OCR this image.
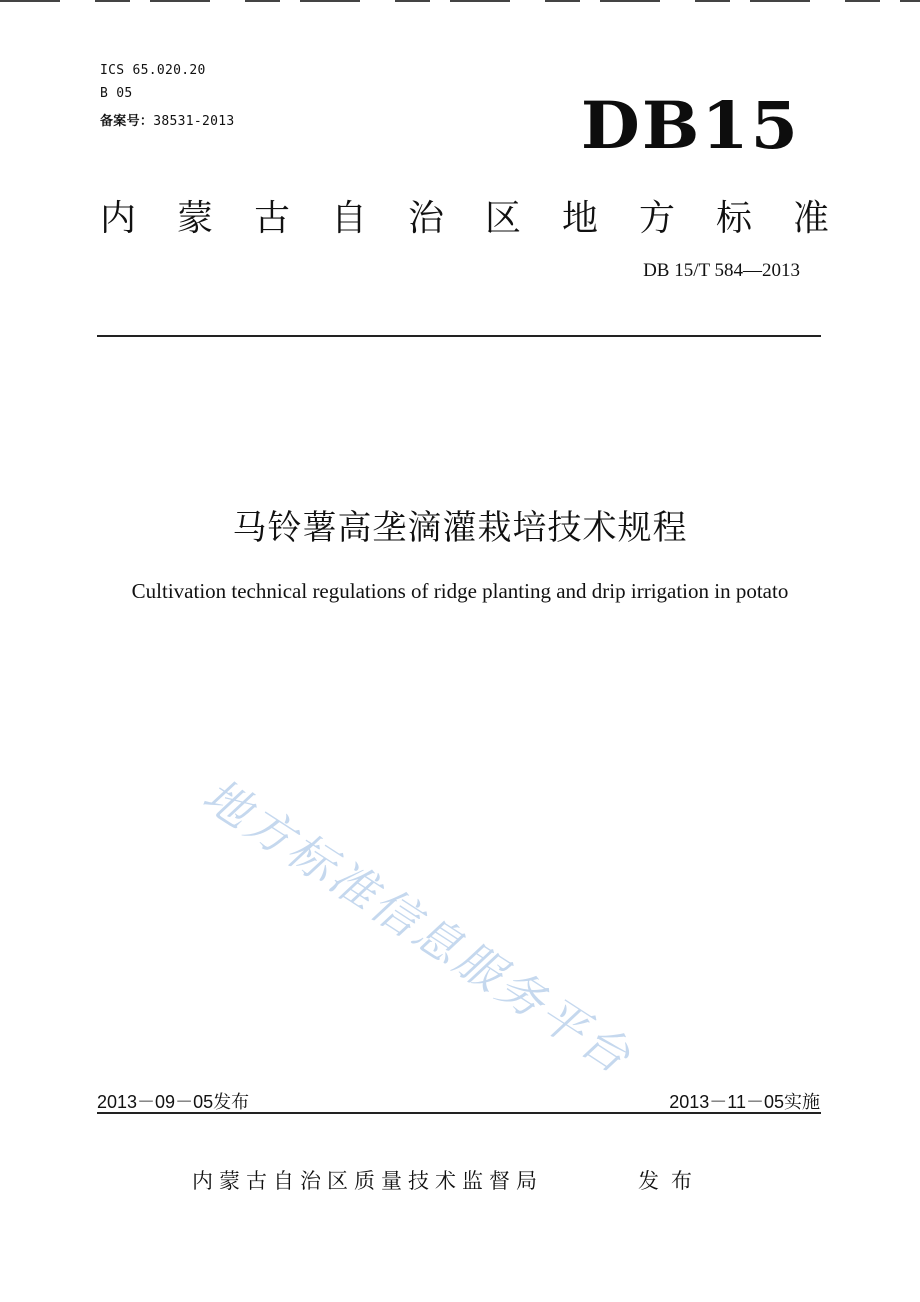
ICS 65.020.20
B 05
备案号：38531-2013	DB15
内蒙古自治区地方标准
DB 15/T 584—2013
马铃薯高垄滴灌栽培技术规程
Cultivation technical regulations of ridge planting and drip irrigation in potato
地方标准信息服务平台
2013－09－05发布	2013－11－05实施
内蒙古自治区质量技术监督局	发布
